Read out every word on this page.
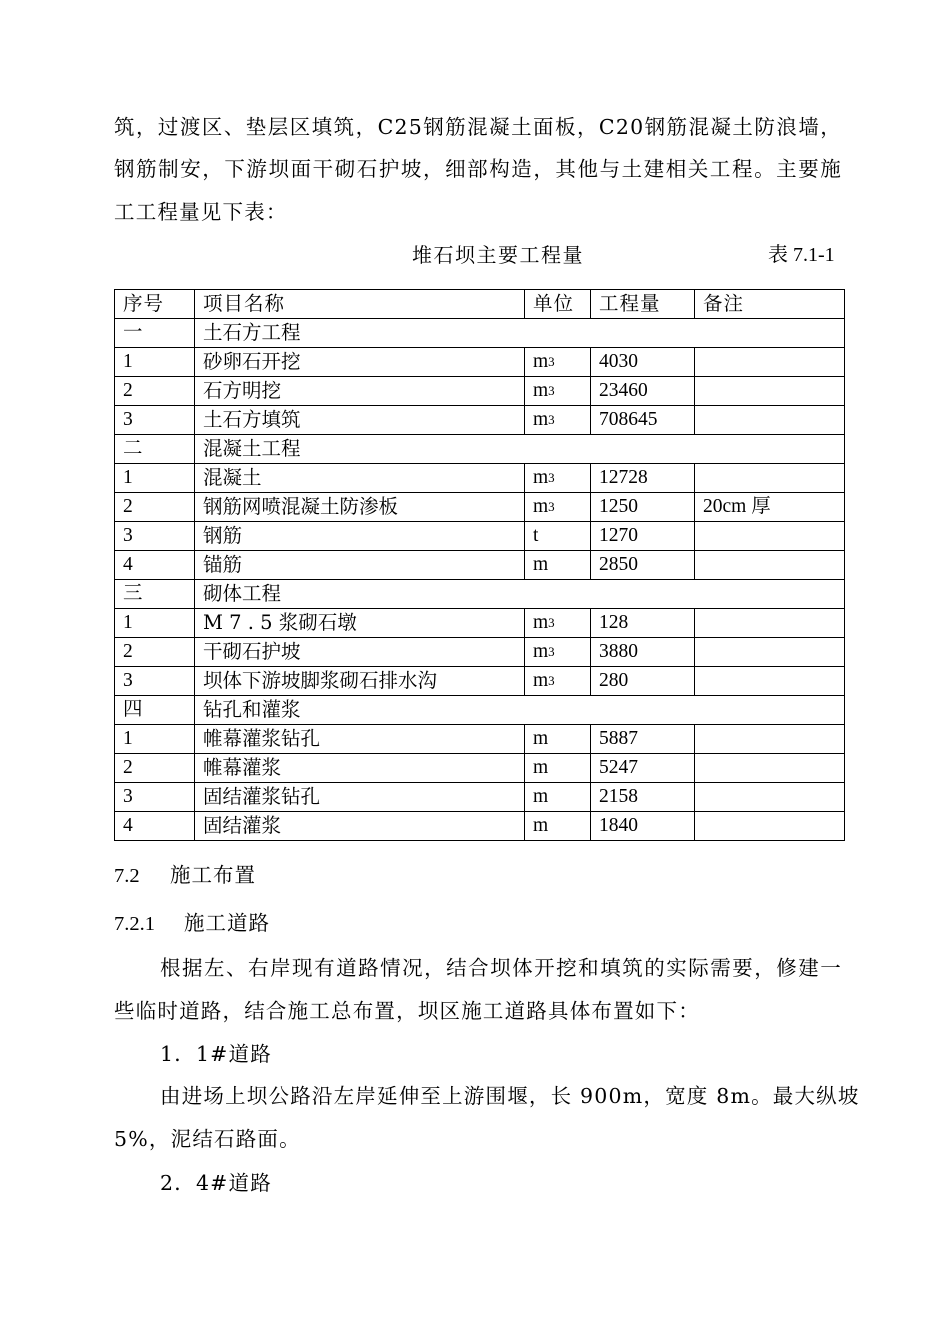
筑，过渡区、垫层区填筑，C25钢筋混凝土面板，C20钢筋混凝土防浪墙，
钢筋制安，下游坝面干砌石护坡，细部构造，其他与土建相关工程。主要施
工工程量见下表：
堆石坝主要工程量	表 7.1-1
序号	项目名称	单位	工程量	备注
一	土石方工程			
1	砂卵石开挖	$m^3$	4030	
2	石方明挖	$m^3$	23460	
3	土石方填筑	$m^3$	708645	
二	混凝土工程			
1	混凝土	$m^3$	12728	
2	钢筋网喷混凝土防渗板	$m^3$	1250	20cm 厚
3	钢筋	t	1270	
4	锚筋	m	2850	
三	砌体工程			
1	M 7 . 5 浆砌石墩	$m^3$	128	
2	干砌石护坡	$m^3$	3880	
3	坝体下游坡脚浆砌石排水沟	$m^3$	280	
四	钻孔和灌浆			
1	帷幕灌浆钻孔	m	5887	
2	帷幕灌浆	m	5247	
3	固结灌浆钻孔	m	2158	
4	固结灌浆	m	1840	
7.2 施工布置
7.2.1 施工道路
根据左、右岸现有道路情况，结合坝体开挖和填筑的实际需要，修建一
些临时道路，结合施工总布置，坝区施工道路具体布置如下：
1．1#道路
由进场上坝公路沿左岸延伸至上游围堰，长 900m，宽度 8m。最大纵坡
5%，泥结石路面。
2．4#道路
